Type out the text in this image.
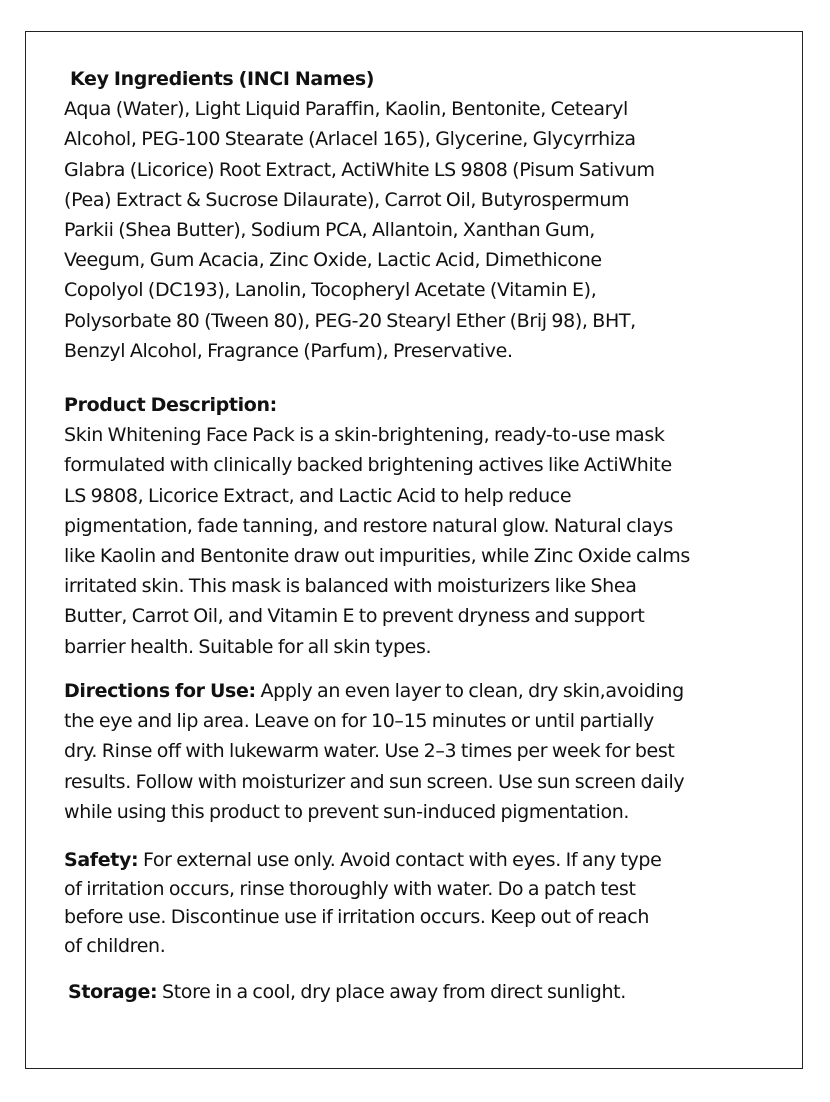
Key Ingredients (INCI Names)
Aqua (Water), Light Liquid Paraffin, Kaolin, Bentonite, Cetearyl
Alcohol, PEG-100 Stearate (Arlacel 165), Glycerine, Glycyrrhiza
Glabra (Licorice) Root Extract, ActiWhite LS 9808 (Pisum Sativum
(Pea) Extract & Sucrose Dilaurate), Carrot Oil, Butyrospermum
Parkii (Shea Butter), Sodium PCA, Allantoin, Xanthan Gum,
Veegum, Gum Acacia, Zinc Oxide, Lactic Acid, Dimethicone
Copolyol (DC193), Lanolin, Tocopheryl Acetate (Vitamin E),
Polysorbate 80 (Tween 80), PEG-20 Stearyl Ether (Brij 98), BHT,
Benzyl Alcohol, Fragrance (Parfum), Preservative.
Product Description:
Skin Whitening Face Pack is a skin-brightening, ready-to-use mask
formulated with clinically backed brightening actives like ActiWhite
LS 9808, Licorice Extract, and Lactic Acid to help reduce
pigmentation, fade tanning, and restore natural glow. Natural clays
like Kaolin and Bentonite draw out impurities, while Zinc Oxide calms
irritated skin. This mask is balanced with moisturizers like Shea
Butter, Carrot Oil, and Vitamin E to prevent dryness and support
barrier health. Suitable for all skin types.
Directions for Use: Apply an even layer to clean, dry skin,avoiding
the eye and lip area. Leave on for 10–15 minutes or until partially
dry. Rinse off with lukewarm water. Use 2–3 times per week for best
results. Follow with moisturizer and sun screen. Use sun screen daily
while using this product to prevent sun-induced pigmentation.
Safety: For external use only. Avoid contact with eyes. If any type
of irritation occurs, rinse thoroughly with water. Do a patch test
before use. Discontinue use if irritation occurs. Keep out of reach
of children.
Storage: Store in a cool, dry place away from direct sunlight.
